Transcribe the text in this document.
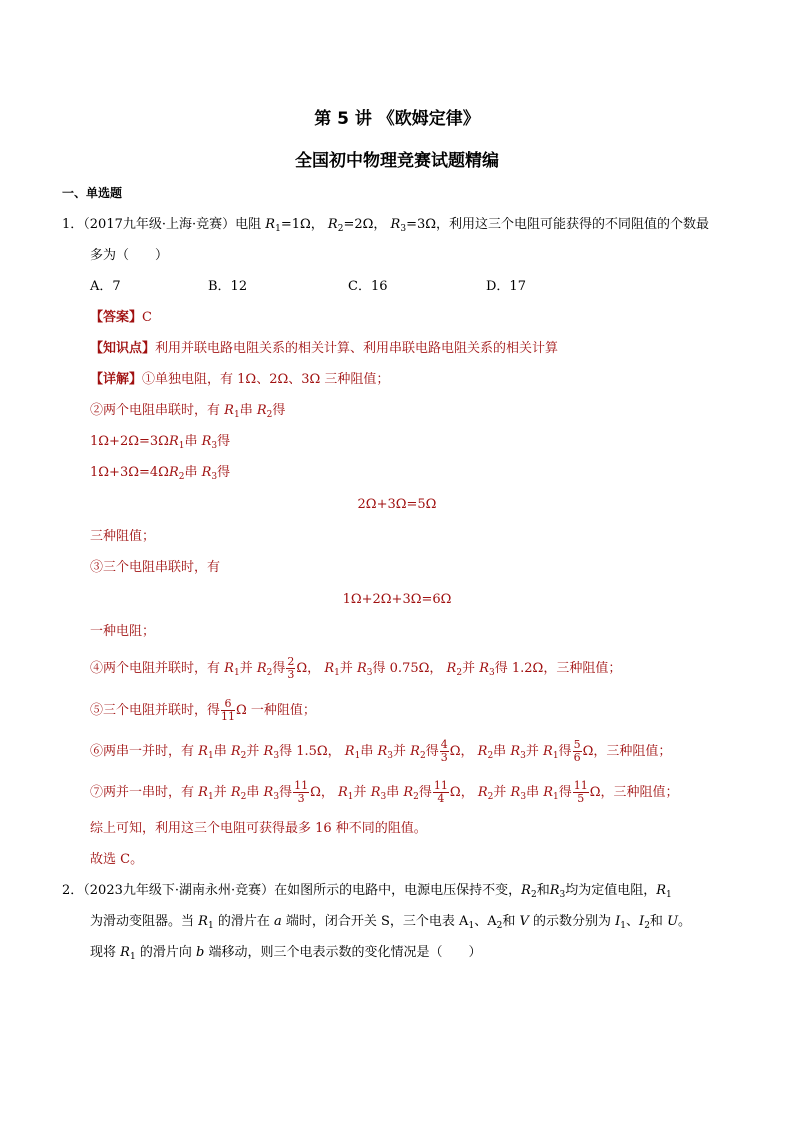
第 5 讲 《欧姆定律》
全国初中物理竞赛试题精编
一、单选题
1．（2017九年级·上海·竞赛）电阻 $R_1=1\Omega$， $R_2=2\Omega$， $R_3=3\Omega$，利用这三个电阻可能获得的不同阻值的个数最
多为（　　）
A．7	B．12	C．16	D．17
【答案】C
【知识点】利用并联电路电阻关系的相关计算、利用串联电路电阻关系的相关计算
【详解】①单独电阻，有 1Ω、2Ω、3Ω 三种阻值；
②两个电阻串联时，有 $R_1$串 $R_2$得
$1\Omega+2\Omega=3\Omega R_1$串 $R_3$得
$1\Omega+3\Omega=4\Omega R_2$串 $R_3$得
2Ω+3Ω=5Ω
三种阻值；
③三个电阻串联时，有
1Ω+2Ω+3Ω=6Ω
一种电阻；
④两个电阻并联时，有 $R_1$并 $R_2$得 $\frac{2}{3}$ Ω， $R_1$并 $R_3$得 0.75Ω， $R_2$并 $R_3$得 1.2Ω，三种阻值；
⑤三个电阻并联时，得 $\frac{6}{11}$ Ω 一种阻值；
⑥两串一并时，有 $R_1$串 $R_2$并 $R_3$得 1.5Ω， $R_1$串 $R_3$并 $R_2$得 $\frac{4}{3}$ Ω， $R_2$串 $R_3$并 $R_1$得 $\frac{5}{6}$ Ω，三种阻值；
⑦两并一串时，有 $R_1$并 $R_2$串 $R_3$得 $\frac{11}{3}$ Ω， $R_1$并 $R_3$串 $R_2$得 $\frac{11}{4}$ Ω， $R_2$并 $R_3$串 $R_1$得 $\frac{11}{5}$ Ω，三种阻值；
综上可知，利用这三个电阻可获得最多 16 种不同的阻值。
故选 C。
2．（2023九年级下·湖南永州·竞赛）在如图所示的电路中，电源电压保持不变，$R_2$和$R_3$均为定值电阻，$R_1$
为滑动变阻器。当 $R_1$ 的滑片在 a 端时，闭合开关 S，三个电表 $A_1$、$A_2$和 V 的示数分别为 $I_1$、$I_2$和 U。
现将 $R_1$ 的滑片向 b 端移动，则三个电表示数的变化情况是（　　）
